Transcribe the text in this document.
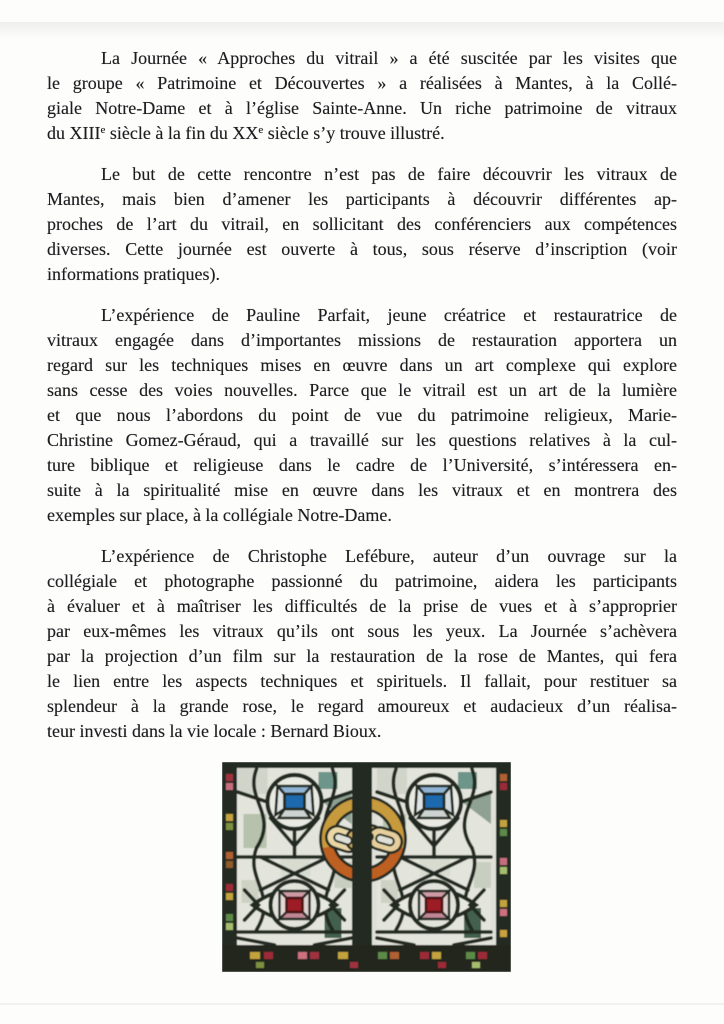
La Journée « Approches du vitrail » a été suscitée par les visites que
le groupe « Patrimoine et Découvertes » a réalisées à Mantes, à la Collé-
giale Notre-Dame et à l’église Sainte-Anne. Un riche patrimoine de vitraux
du XIIIe siècle à la fin du XXe siècle s’y trouve illustré.

Le but de cette rencontre n’est pas de faire découvrir les vitraux de
Mantes, mais bien d’amener les participants à découvrir différentes ap-
proches de l’art du vitrail, en sollicitant des conférenciers aux compétences
diverses. Cette journée est ouverte à tous, sous réserve d’inscription (voir
informations pratiques).

L’expérience de Pauline Parfait, jeune créatrice et restauratrice de
vitraux engagée dans d’importantes missions de restauration apportera un
regard sur les techniques mises en œuvre dans un art complexe qui explore
sans cesse des voies nouvelles. Parce que le vitrail est un art de la lumière
et que nous l’abordons du point de vue du patrimoine religieux, Marie-
Christine Gomez-Géraud, qui a travaillé sur les questions relatives à la cul-
ture biblique et religieuse dans le cadre de l’Université, s’intéressera en-
suite à la spiritualité mise en œuvre dans les vitraux et en montrera des
exemples sur place, à la collégiale Notre-Dame.

L’expérience de Christophe Lefébure, auteur d’un ouvrage sur la
collégiale et photographe passionné du patrimoine, aidera les participants
à évaluer et à maîtriser les difficultés de la prise de vues et à s’approprier
par eux-mêmes les vitraux qu’ils ont sous les yeux. La Journée s’achèvera
par la projection d’un film sur la restauration de la rose de Mantes, qui fera
le lien entre les aspects techniques et spirituels. Il fallait, pour restituer sa
splendeur à la grande rose, le regard amoureux et audacieux d’un réalisa-
teur investi dans la vie locale : Bernard Bioux.
